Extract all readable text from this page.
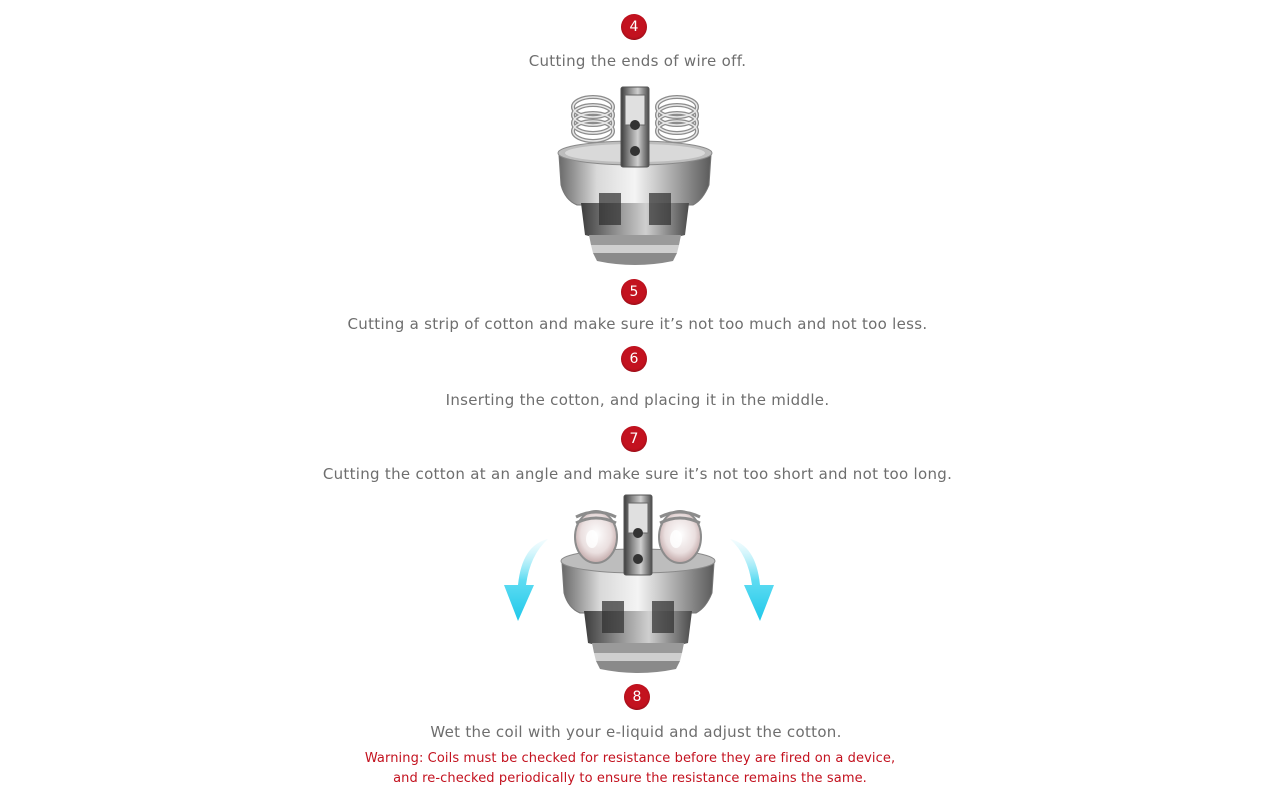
4
Cutting the ends of wire off.
5
Cutting a strip of cotton and make sure it’s not too much and not too less.
6
Inserting the cotton, and placing it in the middle.
7
Cutting the cotton at an angle and make sure it’s not too short and not too long.
8
Wet the coil with your e-liquid and adjust the cotton.
Warning: Coils must be checked for resistance before they are fired on a device,
and re-checked periodically to ensure the resistance remains the same.
